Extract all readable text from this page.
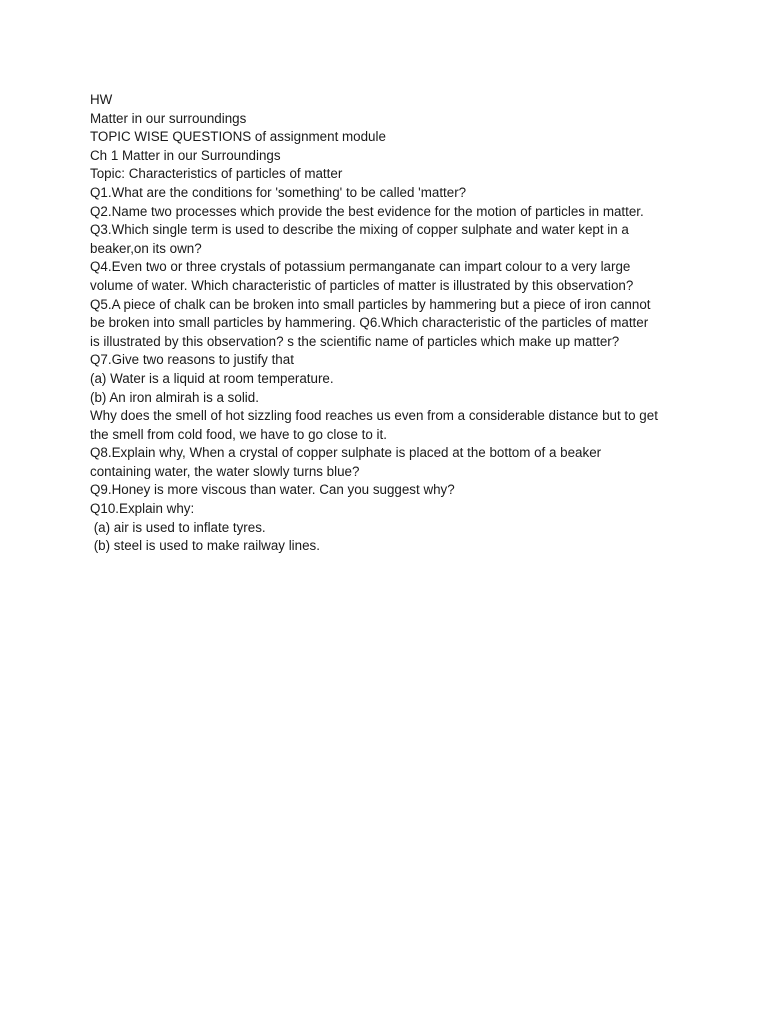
HW
Matter in our surroundings
TOPIC WISE QUESTIONS of assignment module
Ch 1 Matter in our Surroundings
Topic: Characteristics of particles of matter
Q1.What are the conditions for 'something' to be called 'matter?
Q2.Name two processes which provide the best evidence for the motion of particles in matter.
Q3.Which single term is used to describe the mixing of copper sulphate and water kept in a
beaker,on its own?
Q4.Even two or three crystals of potassium permanganate can impart colour to a very large
volume of water. Which characteristic of particles of matter is illustrated by this observation?
Q5.A piece of chalk can be broken into small particles by hammering but a piece of iron cannot
be broken into small particles by hammering. Q6.Which characteristic of the particles of matter
is illustrated by this observation? s the scientific name of particles which make up matter?
Q7.Give two reasons to justify that
(a) Water is a liquid at room temperature.
(b) An iron almirah is a solid.
Why does the smell of hot sizzling food reaches us even from a considerable distance but to get
the smell from cold food, we have to go close to it.
Q8.Explain why, When a crystal of copper sulphate is placed at the bottom of a beaker
containing water, the water slowly turns blue?
Q9.Honey is more viscous than water. Can you suggest why?
Q10.Explain why:
(a) air is used to inflate tyres.
(b) steel is used to make railway lines.
